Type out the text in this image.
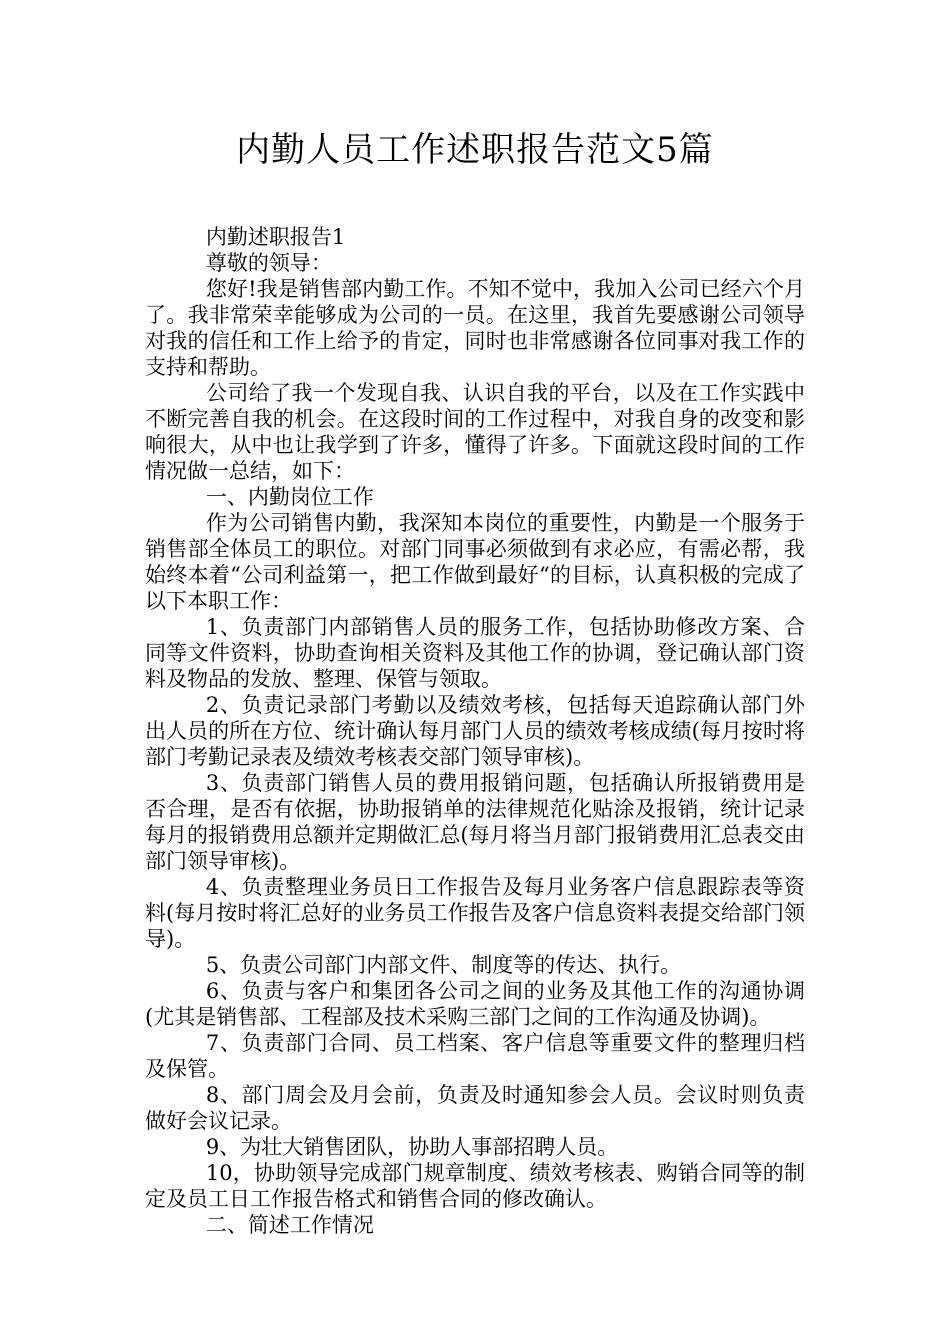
内勤人员工作述职报告范文5篇

内勤述职报告1

尊敬的领导：

您好!我是销售部内勤工作。不知不觉中，我加入公司已经六个月了。我非常荣幸能够成为公司的一员。在这里，我首先要感谢公司领导对我的信任和工作上给予的肯定，同时也非常感谢各位同事对我工作的支持和帮助。

公司给了我一个发现自我、认识自我的平台，以及在工作实践中不断完善自我的机会。在这段时间的工作过程中，对我自身的改变和影响很大，从中也让我学到了许多，懂得了许多。下面就这段时间的工作情况做一总结，如下：

一、内勤岗位工作

作为公司销售内勤，我深知本岗位的重要性，内勤是一个服务于销售部全体员工的职位。对部门同事必须做到有求必应，有需必帮，我始终本着“公司利益第一，把工作做到最好“的目标，认真积极的完成了以下本职工作：

1、负责部门内部销售人员的服务工作，包括协助修改方案、合同等文件资料，协助查询相关资料及其他工作的协调，登记确认部门资料及物品的发放、整理、保管与领取。

2、负责记录部门考勤以及绩效考核，包括每天追踪确认部门外出人员的所在方位、统计确认每月部门人员的绩效考核成绩(每月按时将部门考勤记录表及绩效考核表交部门领导审核)。

3、负责部门销售人员的费用报销问题，包括确认所报销费用是否合理，是否有依据，协助报销单的法律规范化贴涂及报销，统计记录每月的报销费用总额并定期做汇总(每月将当月部门报销费用汇总表交由部门领导审核)。

4、负责整理业务员日工作报告及每月业务客户信息跟踪表等资料(每月按时将汇总好的业务员工作报告及客户信息资料表提交给部门领导)。

5、负责公司部门内部文件、制度等的传达、执行。

6、负责与客户和集团各公司之间的业务及其他工作的沟通协调(尤其是销售部、工程部及技术采购三部门之间的工作沟通及协调)。

7、负责部门合同、员工档案、客户信息等重要文件的整理归档及保管。

8、部门周会及月会前，负责及时通知参会人员。会议时则负责做好会议记录。

9、为壮大销售团队，协助人事部招聘人员。

10，协助领导完成部门规章制度、绩效考核表、购销合同等的制定及员工日工作报告格式和销售合同的修改确认。

二、简述工作情况
